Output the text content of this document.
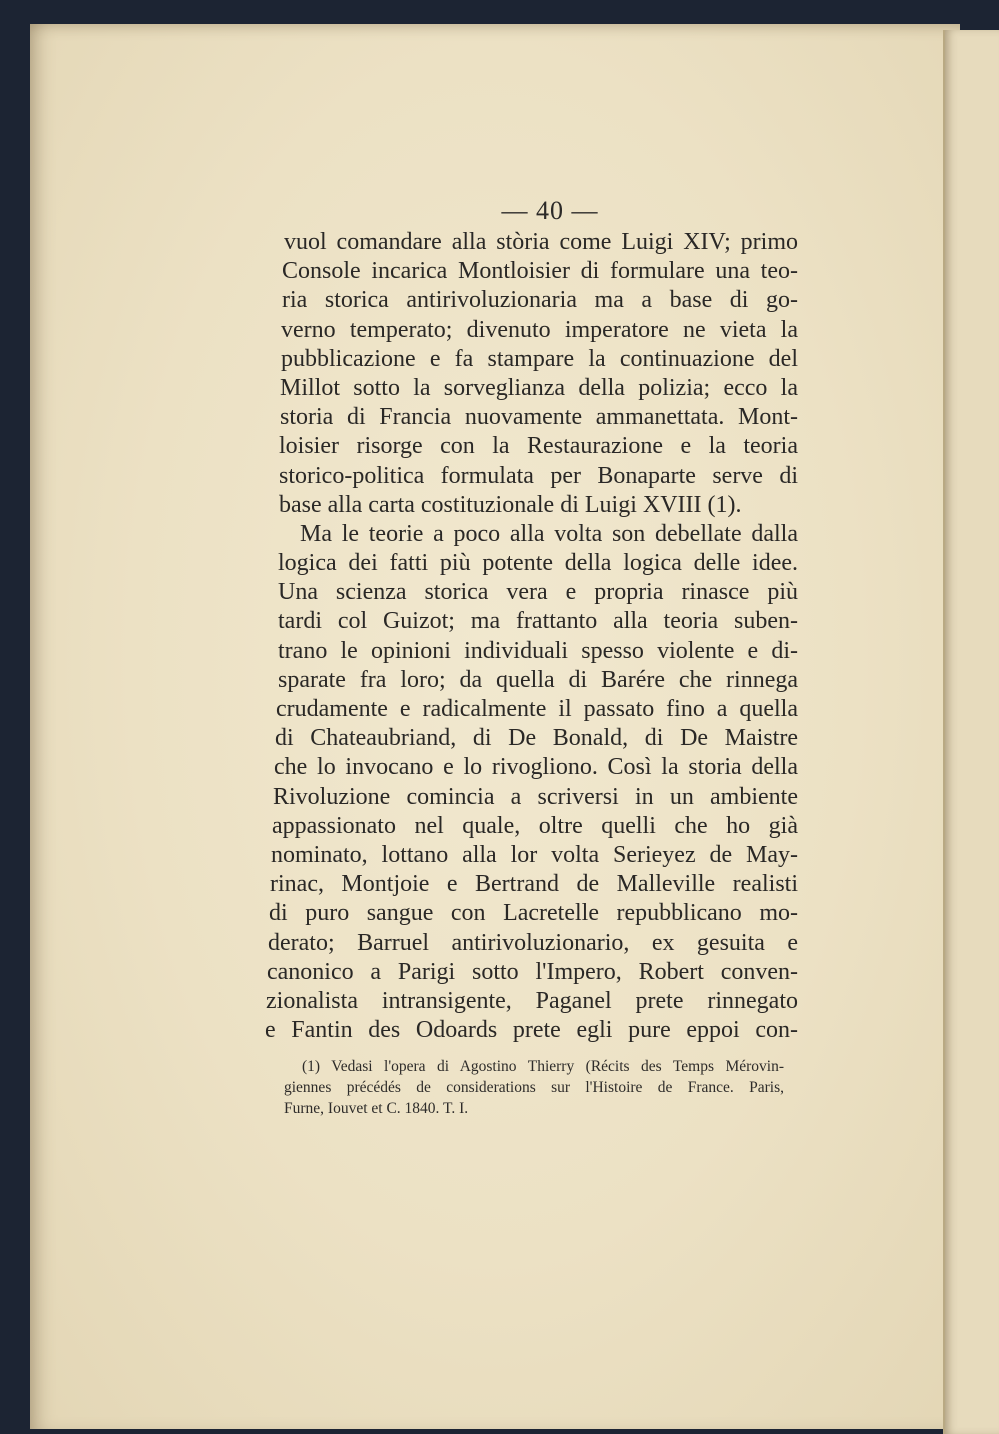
— 40 —
vuol comandare alla stòria come Luigi XIV; primo
Console incarica Montloisier di formulare una teo-
ria storica antirivoluzionaria ma a base di go-
verno temperato; divenuto imperatore ne vieta la
pubblicazione e fa stampare la continuazione del
Millot sotto la sorveglianza della polizia; ecco la
storia di Francia nuovamente ammanettata. Mont-
loisier risorge con la Restaurazione e la teoria
storico-politica formulata per Bonaparte serve di
base alla carta costituzionale di Luigi XVIII (1).
Ma le teorie a poco alla volta son debellate dalla
logica dei fatti più potente della logica delle idee.
Una scienza storica vera e propria rinasce più
tardi col Guizot; ma frattanto alla teoria suben-
trano le opinioni individuali spesso violente e di-
sparate fra loro; da quella di Barére che rinnega
crudamente e radicalmente il passato fino a quella
di Chateaubriand, di De Bonald, di De Maistre
che lo invocano e lo rivogliono. Così la storia della
Rivoluzione comincia a scriversi in un ambiente
appassionato nel quale, oltre quelli che ho già
nominato, lottano alla lor volta Serieyez de May-
rinac, Montjoie e Bertrand de Malleville realisti
di puro sangue con Lacretelle repubblicano mo-
derato; Barruel antirivoluzionario, ex gesuita e
canonico a Parigi sotto l'Impero, Robert conven-
zionalista intransigente, Paganel prete rinnegato
e Fantin des Odoards prete egli pure eppoi con-
(1) Vedasi l'opera di Agostino Thierry (Récits des Temps Mérovin-
giennes précédés de considerations sur l'Histoire de France. Paris,
Furne, Iouvet et C. 1840. T. I.
